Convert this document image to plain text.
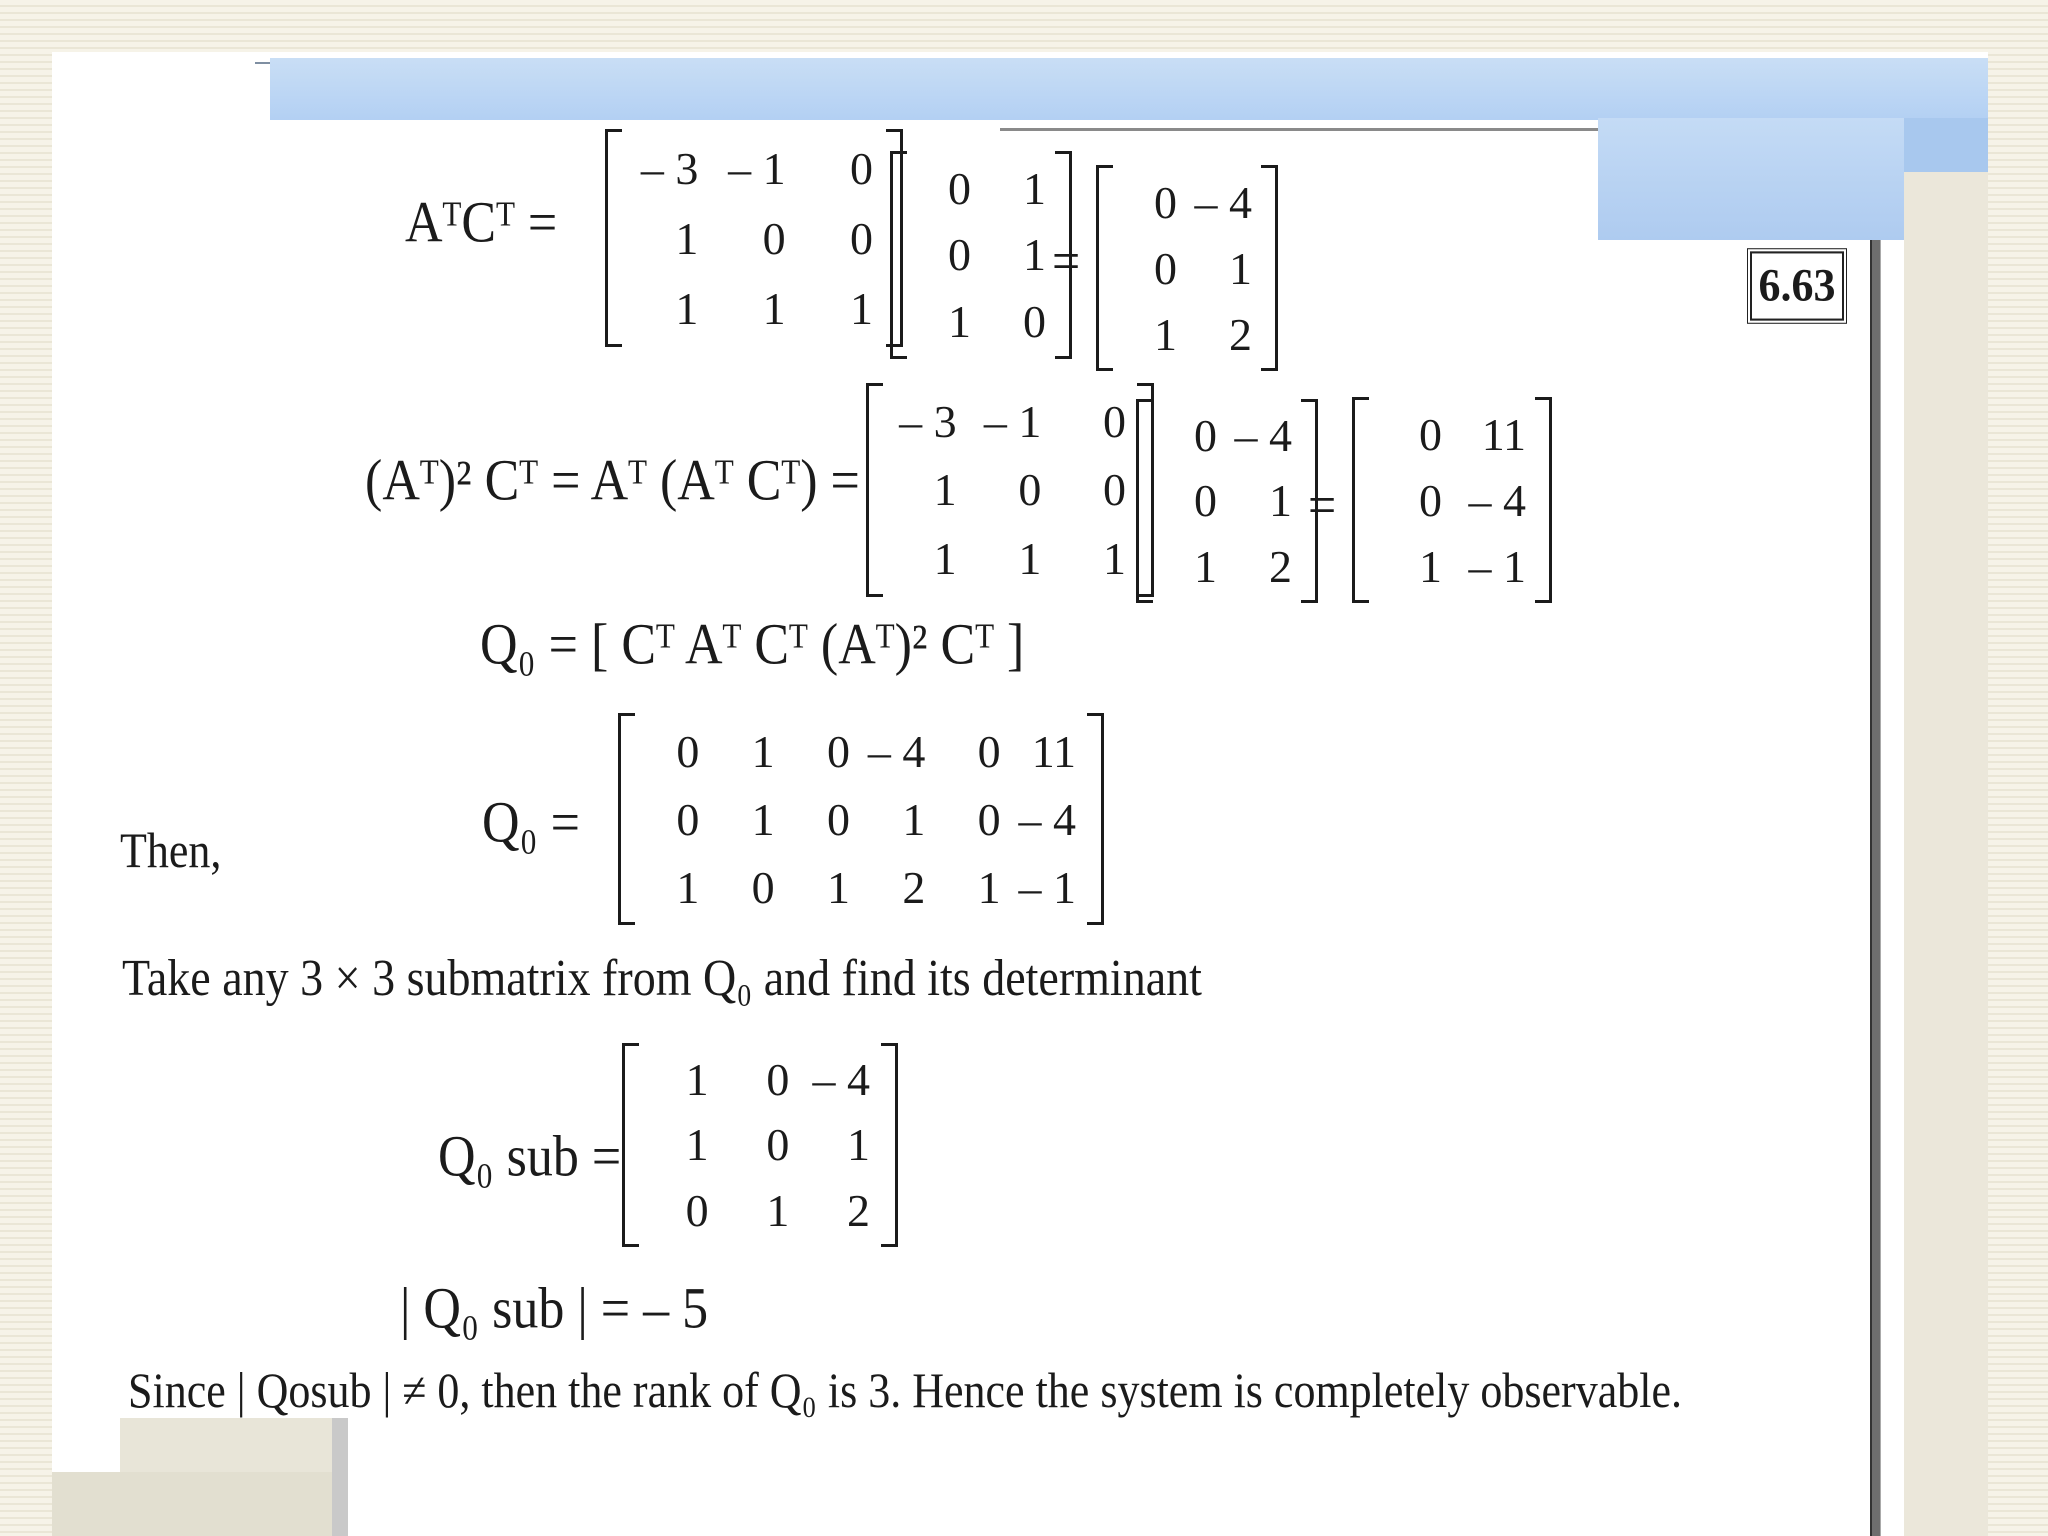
6.63
AᵀCᵀ =
– 3 – 1	0
1	0	0
1	1	1
0	1
0	1
1	0
=
0 – 4
0	1
1	2
(Aᵀ)² Cᵀ = Aᵀ (Aᵀ Cᵀ) =
– 3 – 1	0
1	0	0
1	1	1
0 – 4
0	1
1	2
=
0 11
0 – 4
1 – 1
Q₀ = [ Cᵀ Aᵀ Cᵀ (Aᵀ)² Cᵀ ]
Then,	Q₀ =
0	1	0 – 4	0 11
0	1	0	1	0 – 4
1	0	1	2	1 – 1
Take any 3 × 3 submatrix from Q₀ and find its determinant
Q₀ sub =
1	0 – 4
1	0	1
0	1	2
| Q₀ sub | = – 5
Since | Qosub | ≠ 0, then the rank of Q₀ is 3. Hence the system is completely observable.
